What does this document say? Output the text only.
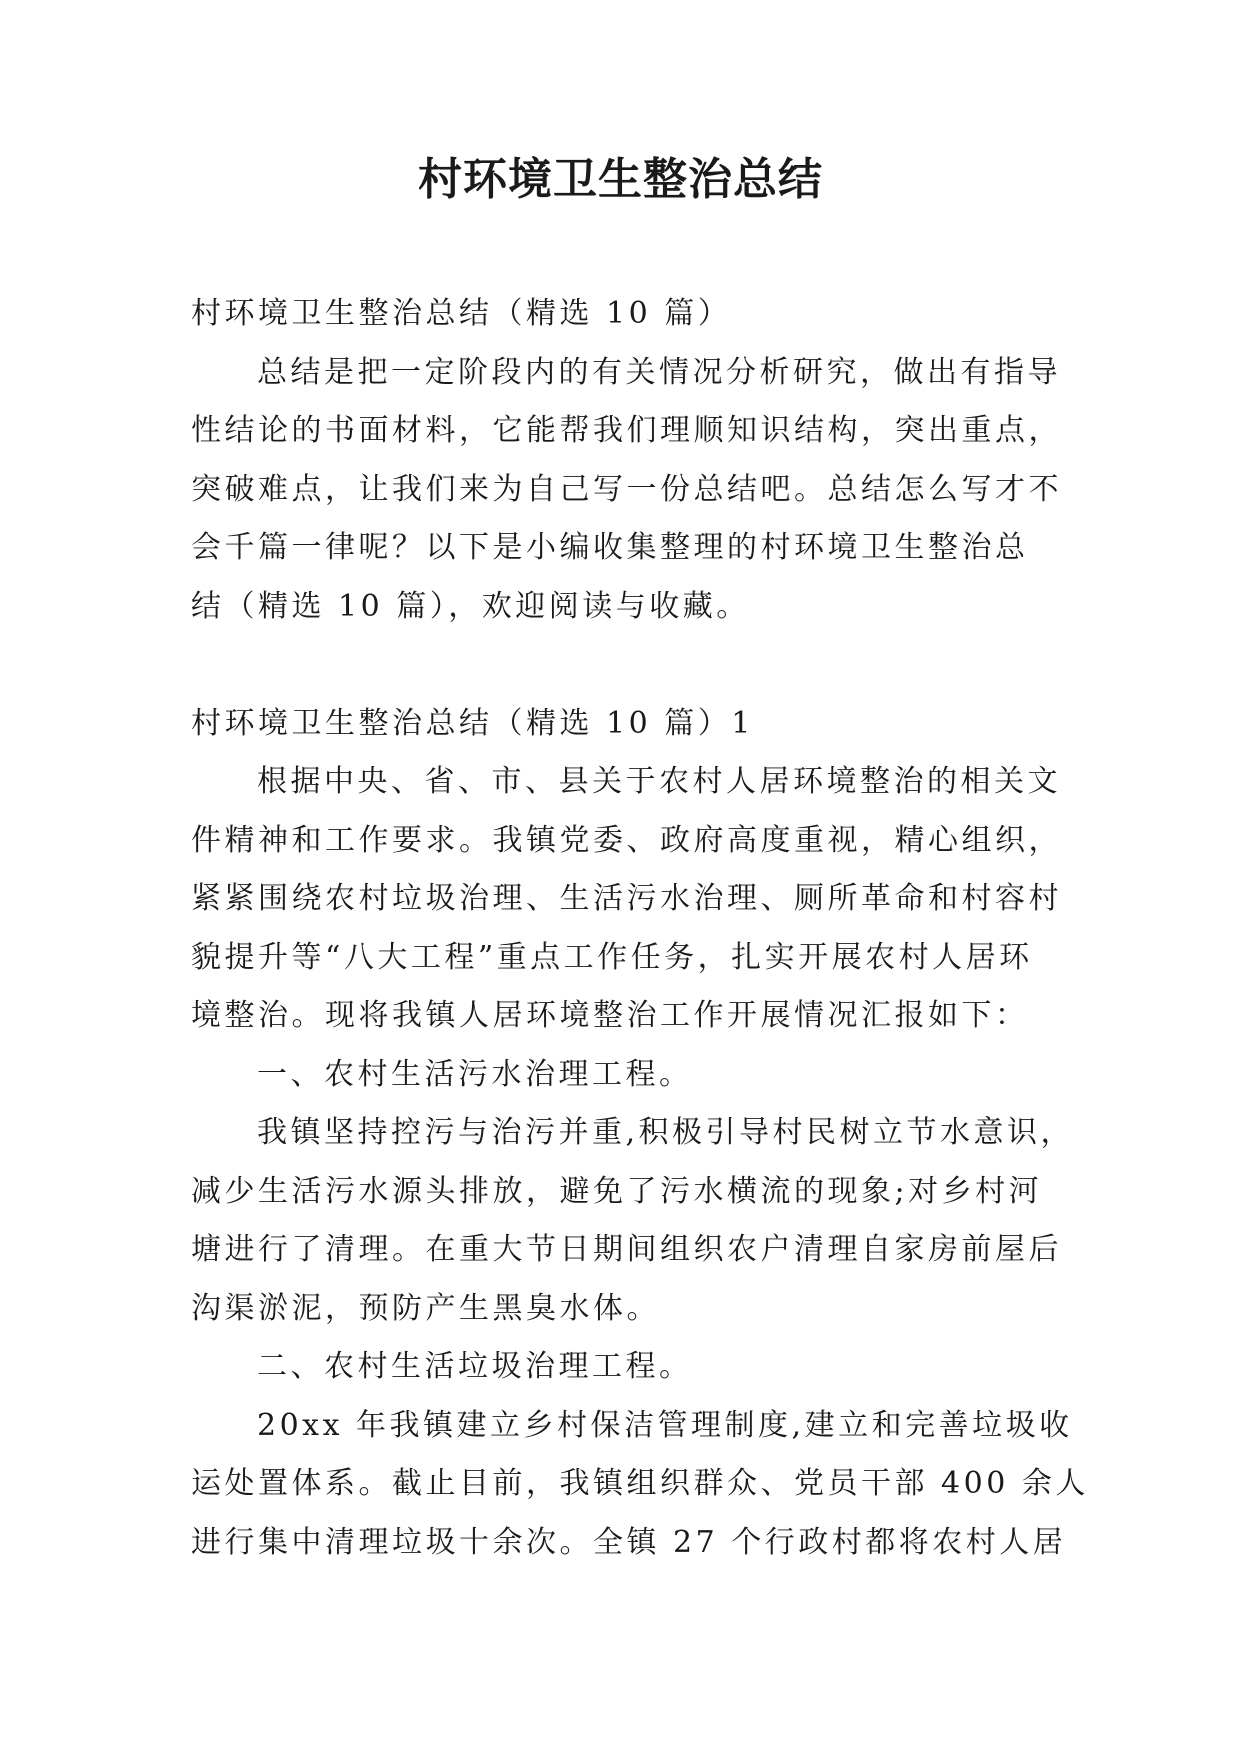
村环境卫生整治总结

村环境卫生整治总结（精选 10 篇）

总结是把一定阶段内的有关情况分析研究，做出有指导

性结论的书面材料，它能帮我们理顺知识结构，突出重点，

突破难点，让我们来为自己写一份总结吧。总结怎么写才不

会千篇一律呢？以下是小编收集整理的村环境卫生整治总

结（精选 10 篇），欢迎阅读与收藏。

村环境卫生整治总结（精选 10 篇）1

根据中央、省、市、县关于农村人居环境整治的相关文

件精神和工作要求。我镇党委、政府高度重视，精心组织，

紧紧围绕农村垃圾治理、生活污水治理、厕所革命和村容村

貌提升等“八大工程”重点工作任务，扎实开展农村人居环

境整治。现将我镇人居环境整治工作开展情况汇报如下：

一、农村生活污水治理工程。

我镇坚持控污与治污并重,积极引导村民树立节水意识，

减少生活污水源头排放，避免了污水横流的现象;对乡村河

塘进行了清理。在重大节日期间组织农户清理自家房前屋后

沟渠淤泥，预防产生黑臭水体。

二、农村生活垃圾治理工程。

20xx 年我镇建立乡村保洁管理制度,建立和完善垃圾收

运处置体系。截止目前，我镇组织群众、党员干部 400 余人

进行集中清理垃圾十余次。全镇 27 个行政村都将农村人居
